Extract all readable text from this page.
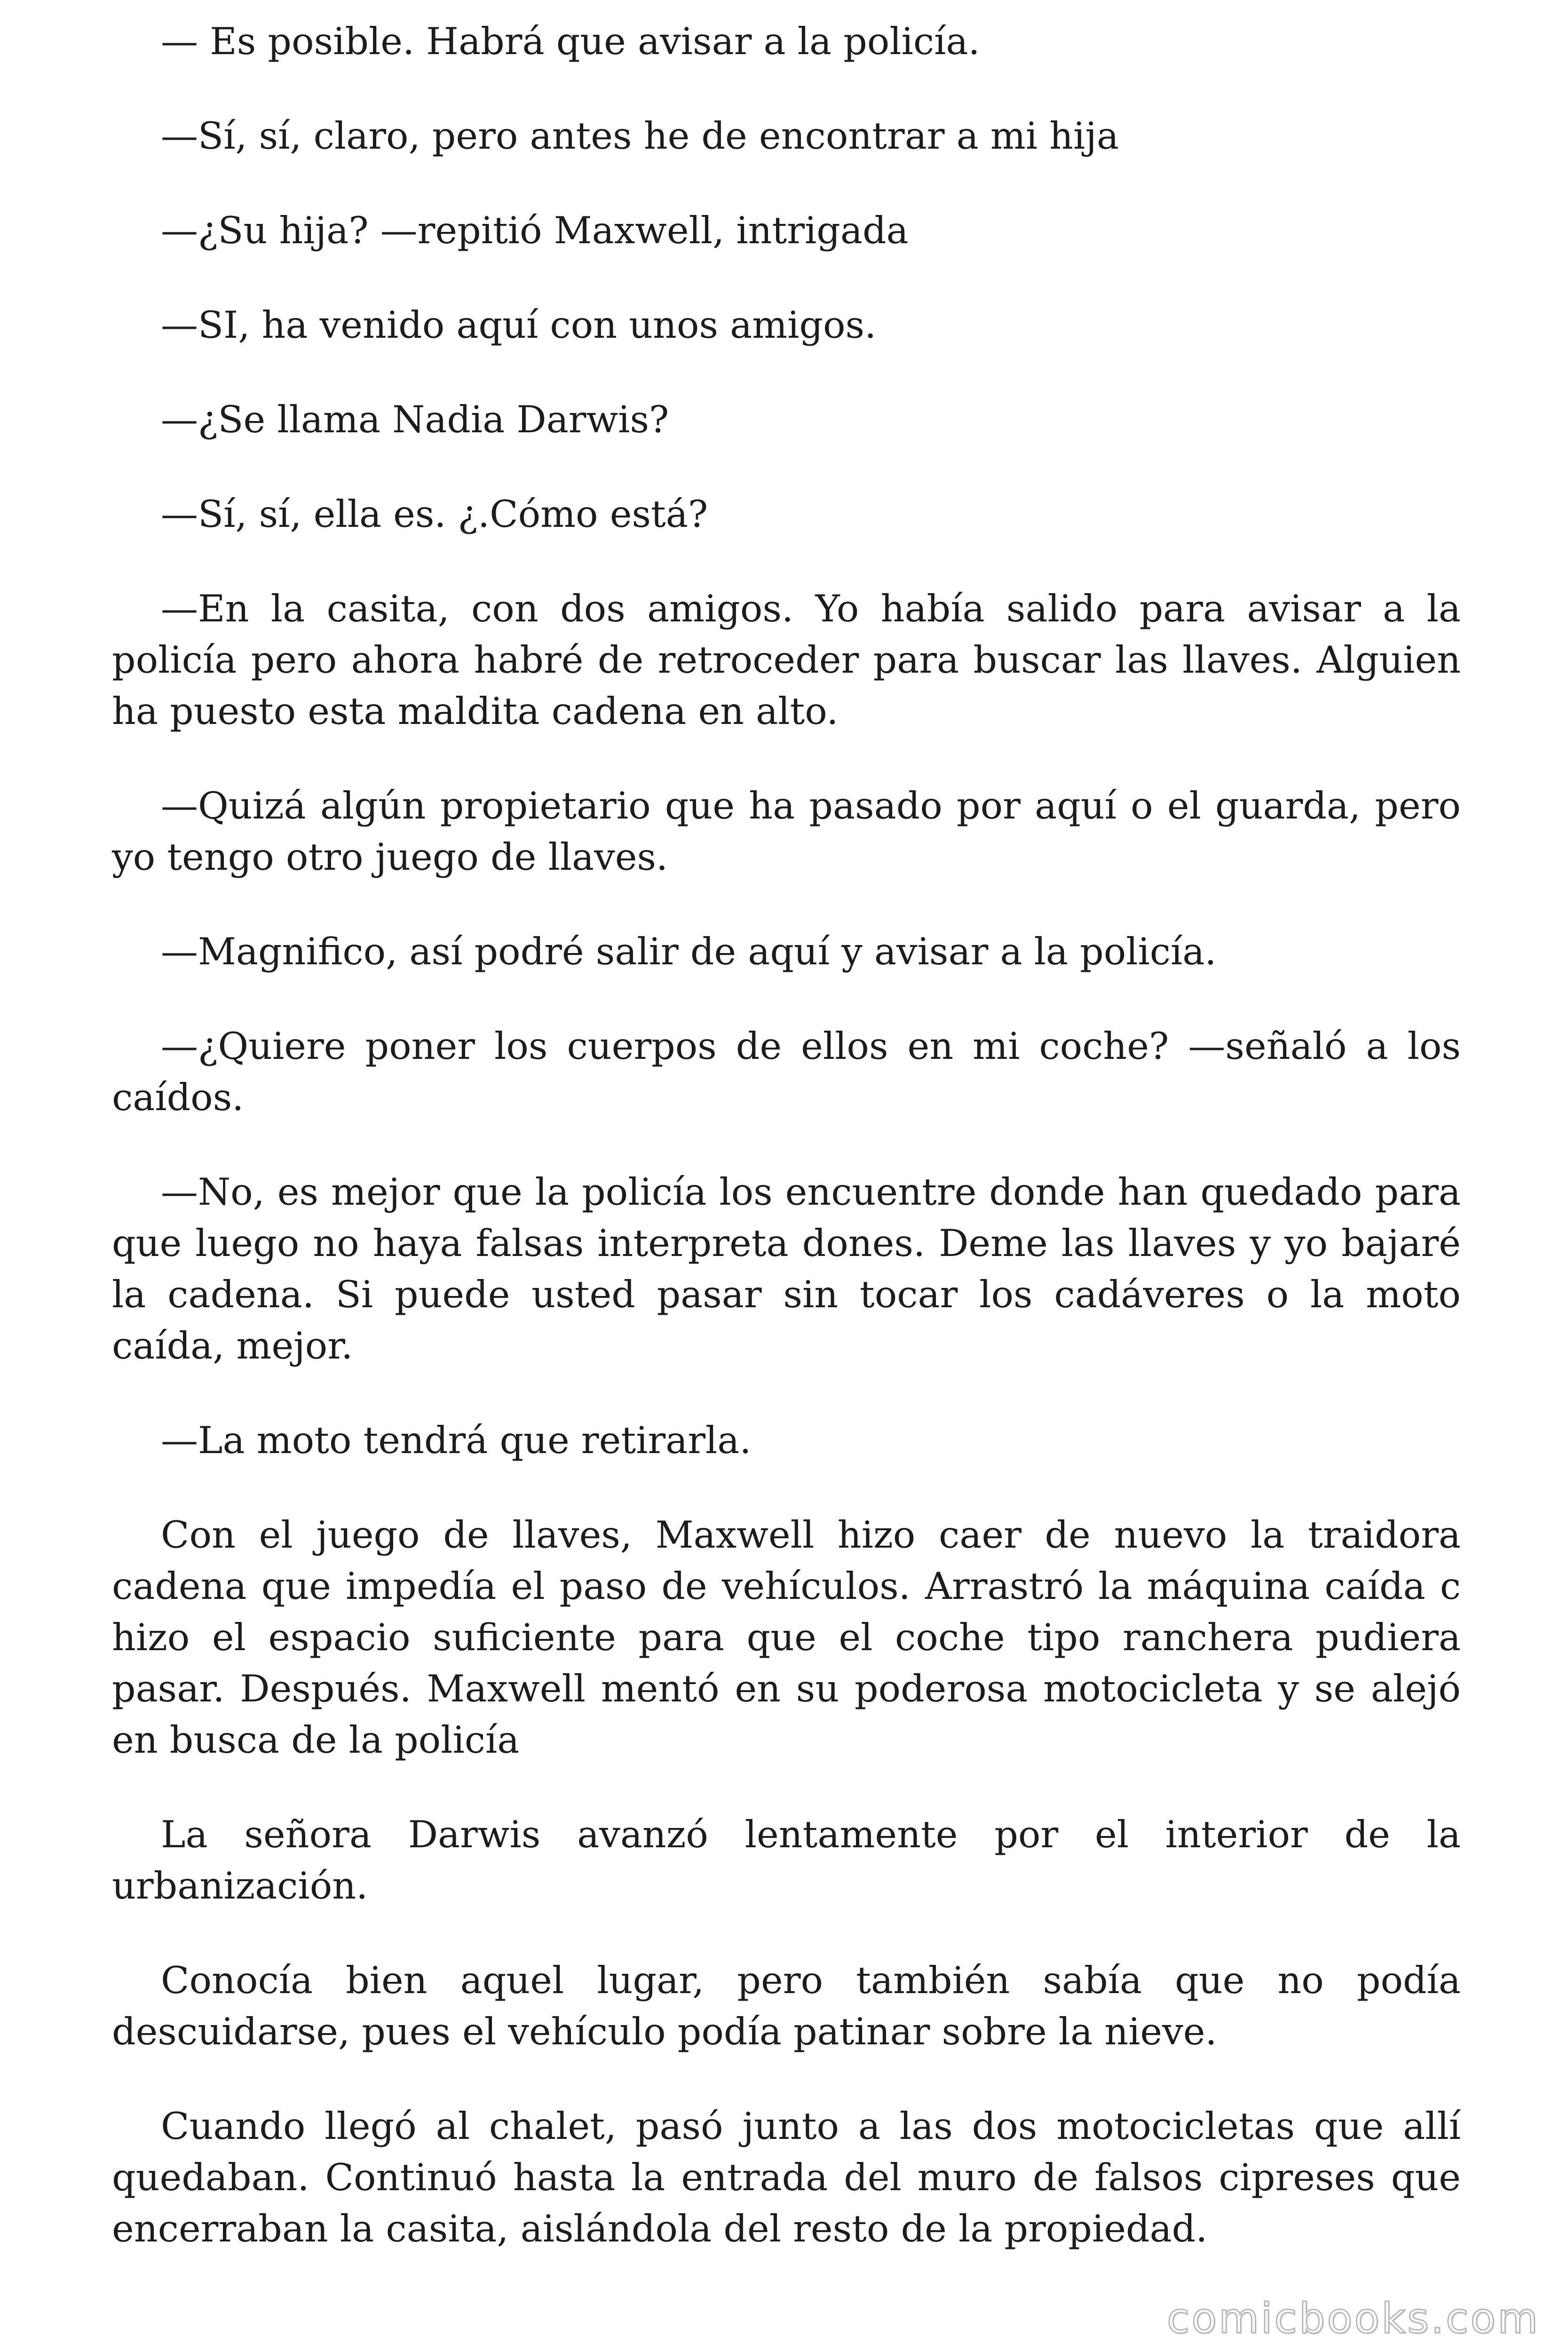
— Es posible. Habrá que avisar a la policía.

—Sí, sí, claro, pero antes he de encontrar a mi hija

—¿Su hija? —repitió Maxwell, intrigada

—SI, ha venido aquí con unos amigos.

—¿Se llama Nadia Darwis?

—Sí, sí, ella es. ¿.Cómo está?

—En la casita, con dos amigos. Yo había salido para avisar a la policía pero ahora habré de retroceder para buscar las llaves. Alguien ha puesto esta maldita cadena en alto.

—Quizá algún propietario que ha pasado por aquí o el guarda, pero yo tengo otro juego de llaves.

—Magnifico, así podré salir de aquí y avisar a la policía.

—¿Quiere poner los cuerpos de ellos en mi coche? —señaló a los caídos.

—No, es mejor que la policía los encuentre donde han quedado para que luego no haya falsas interpreta dones. Deme las llaves y yo bajaré la cadena. Si puede usted pasar sin tocar los cadáveres o la moto caída, mejor.

—La moto tendrá que retirarla.

Con el juego de llaves, Maxwell hizo caer de nuevo la traidora cadena que impedía el paso de vehículos. Arrastró la máquina caída c hizo el espacio suficiente para que el coche tipo ranchera pudiera pasar. Después. Maxwell mentó en su poderosa motocicleta y se alejó en busca de la policía

La señora Darwis avanzó lentamente por el interior de la urbanización.

Conocía bien aquel lugar, pero también sabía que no podía descuidarse, pues el vehículo podía patinar sobre la nieve.

Cuando llegó al chalet, pasó junto a las dos motocicletas que allí quedaban. Continuó hasta la entrada del muro de falsos cipreses que encerraban la casita, aislándola del resto de la propiedad.

comicbooks.com
